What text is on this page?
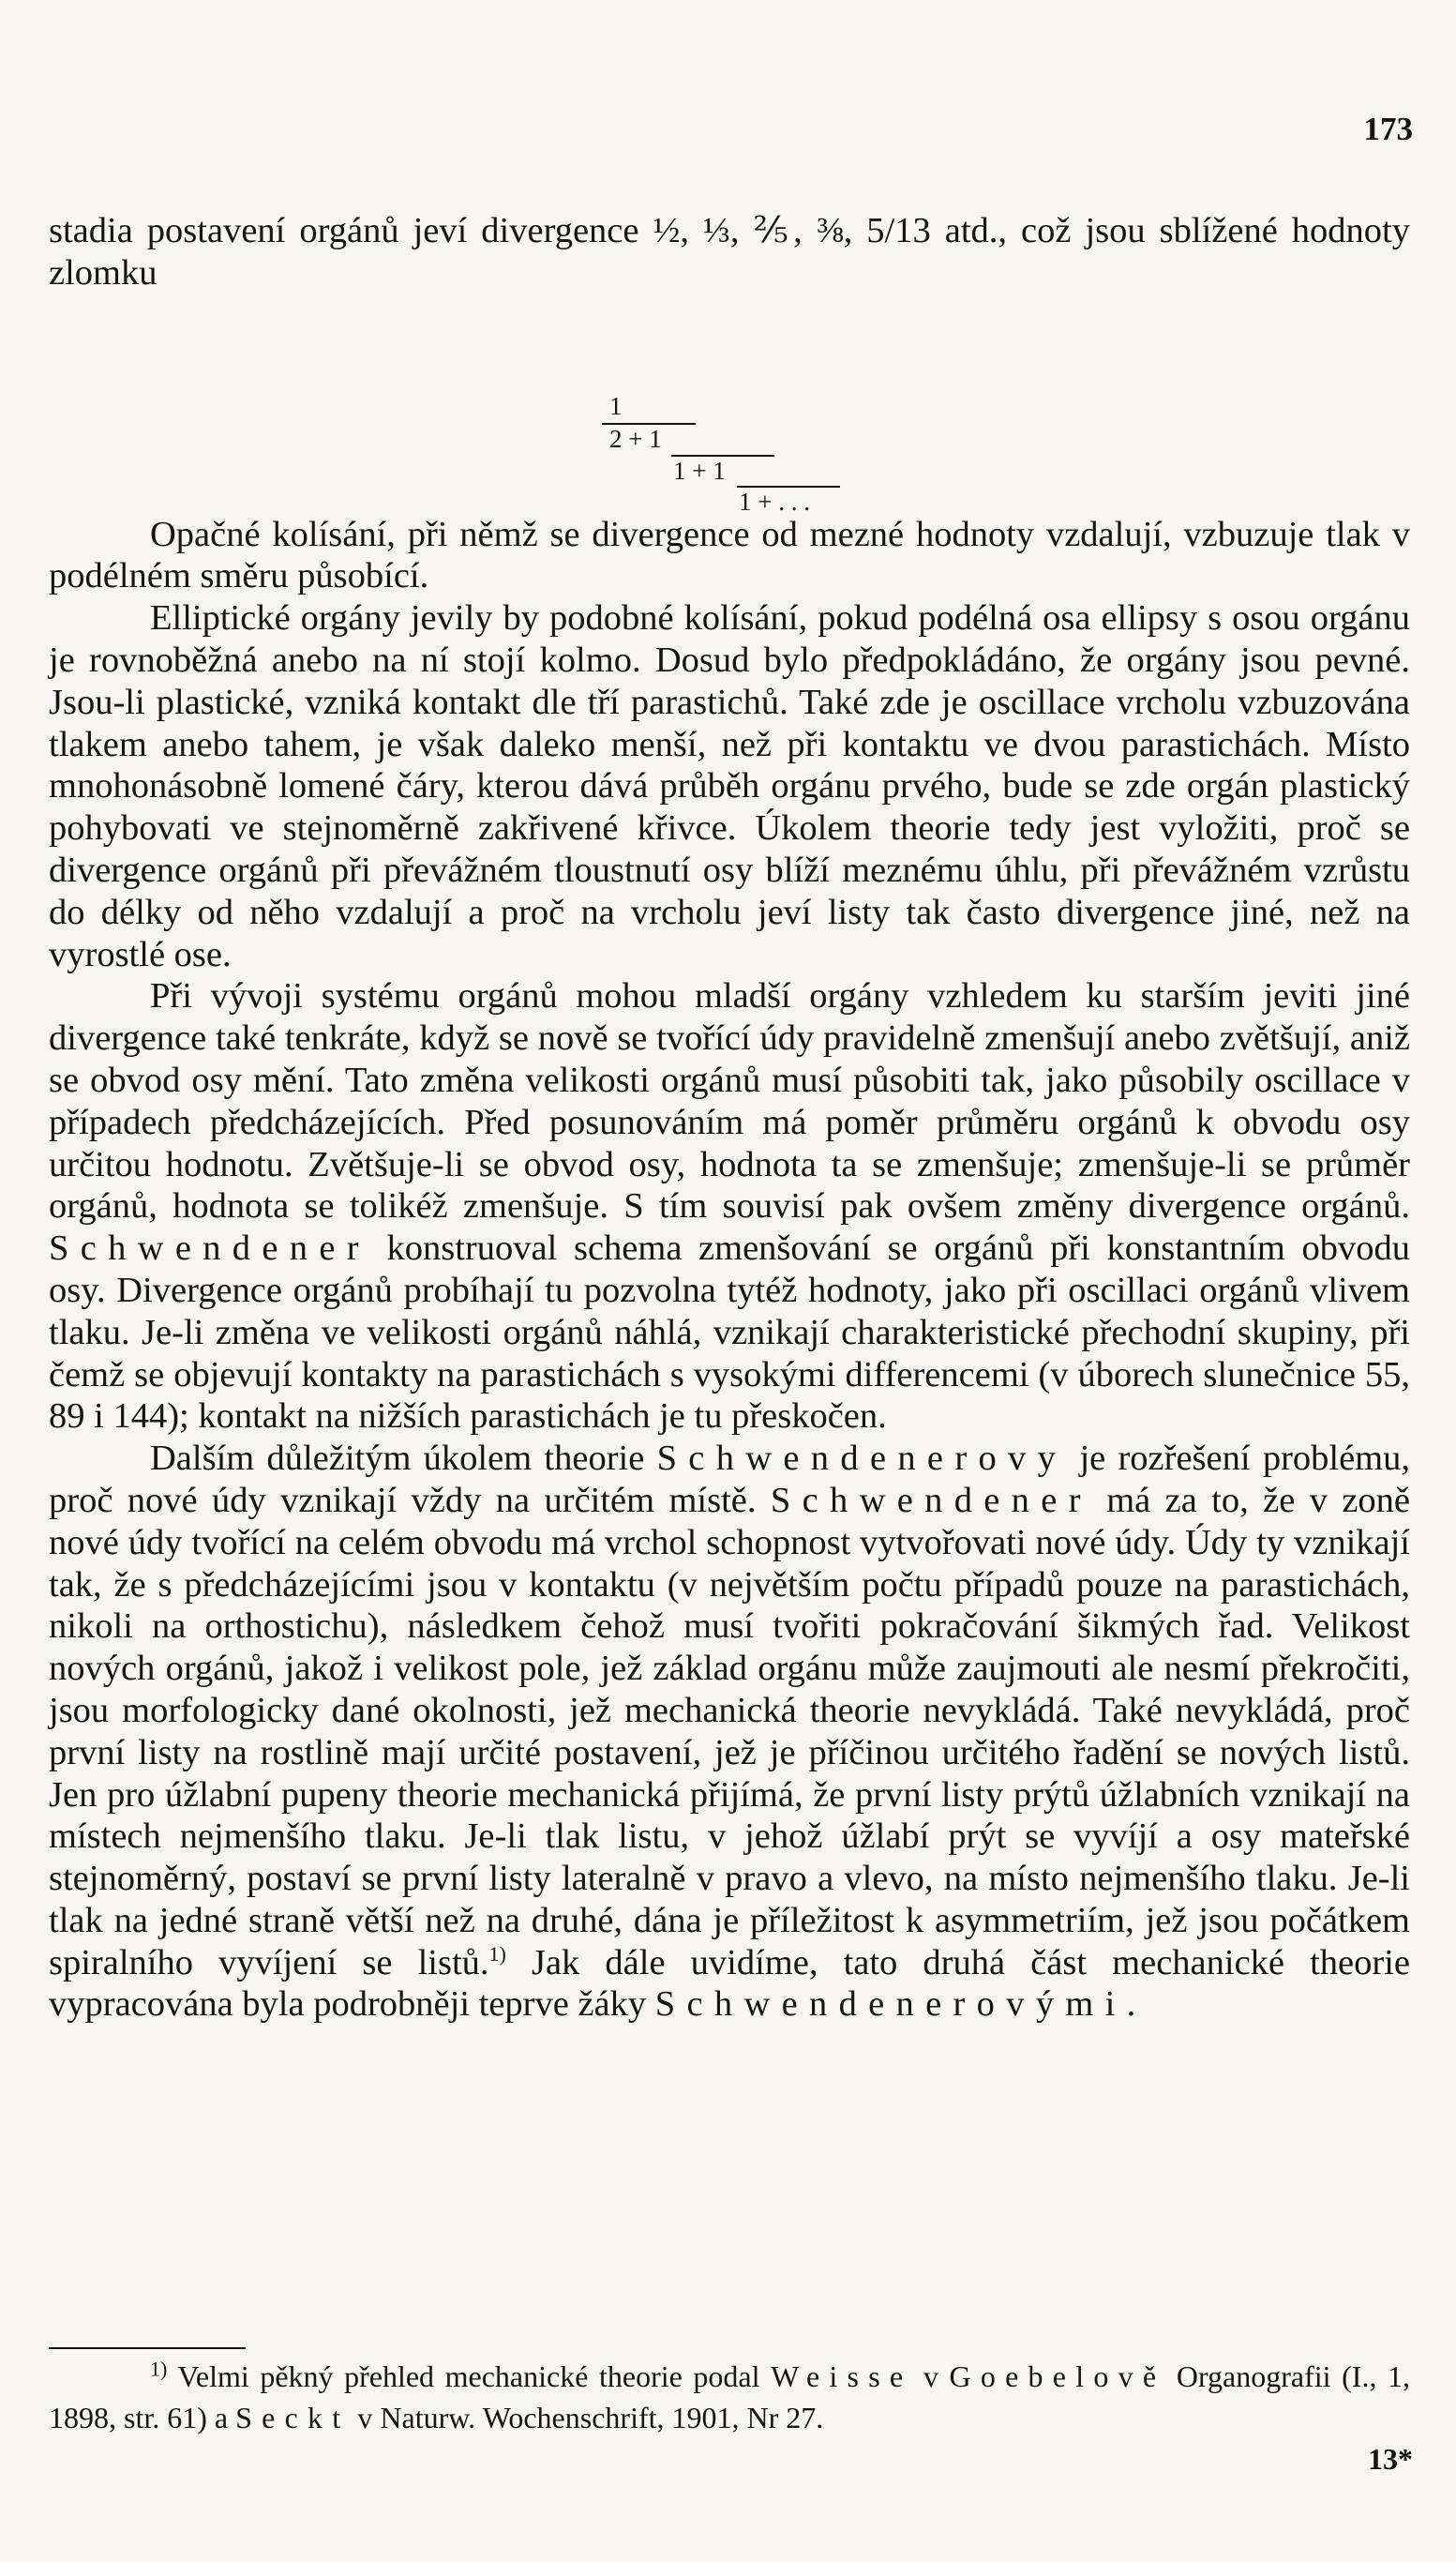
173

stadia postavení orgánů jeví divergence ½, ⅓, ⅖, ⅜, 5/13 atd., což jsou sblížené hodnoty zlomku

1
2 + 1
1 + 1
1 + . . .

Opačné kolísání, při němž se divergence od mezné hodnoty vzdalují, vzbuzuje tlak v podélném směru působící.

Elliptické orgány jevily by podobné kolísání, pokud podélná osa ellipsy s osou orgánu je rovnoběžná anebo na ní stojí kolmo. Dosud bylo předpokládáno, že orgány jsou pevné. Jsou-li plastické, vzniká kontakt dle tří parastichů. Také zde je oscillace vrcholu vzbuzována tlakem anebo tahem, je však daleko menší, než při kontaktu ve dvou parastichách. Místo mnohonásobně lomené čáry, kterou dává průběh orgánu prvého, bude se zde orgán plastický pohybovati ve stejnoměrně zakřivené křivce. Úkolem theorie tedy jest vyložiti, proč se divergence orgánů při převážném tloustnutí osy blíží meznému úhlu, při převážném vzrůstu do délky od něho vzdalují a proč na vrcholu jeví listy tak často divergence jiné, než na vyrostlé ose.

Při vývoji systému orgánů mohou mladší orgány vzhledem ku starším jeviti jiné divergence také tenkráte, když se nově se tvořící údy pravidelně zmenšují anebo zvětšují, aniž se obvod osy mění. Tato změna velikosti orgánů musí působiti tak, jako působily oscillace v případech předcházejících. Před posunováním má poměr průměru orgánů k obvodu osy určitou hodnotu. Zvětšuje-li se obvod osy, hodnota ta se zmenšuje; zmenšuje-li se průměr orgánů, hodnota se tolikéž zmenšuje. S tím souvisí pak ovšem změny divergence orgánů. Schwendener konstruoval schema zmenšování se orgánů při konstantním obvodu osy. Divergence orgánů probíhají tu pozvolna tytéž hodnoty, jako při oscillaci orgánů vlivem tlaku. Je-li změna ve velikosti orgánů náhlá, vznikají charakteristické přechodní skupiny, při čemž se objevují kontakty na parastichách s vysokými differencemi (v úborech slunečnice 55, 89 i 144); kontakt na nižších parastichách je tu přeskočen.

Dalším důležitým úkolem theorie Schwendenerovy je rozřešení problému, proč nové údy vznikají vždy na určitém místě. Schwendener má za to, že v zoně nové údy tvořící na celém obvodu má vrchol schopnost vytvořovati nové údy. Údy ty vznikají tak, že s předcházejícími jsou v kontaktu (v největším počtu případů pouze na parastichách, nikoli na orthostichu), následkem čehož musí tvořiti pokračování šikmých řad. Velikost nových orgánů, jakož i velikost pole, jež základ orgánu může zaujmouti ale nesmí překročiti, jsou morfologicky dané okolnosti, jež mechanická theorie nevykládá. Také nevykládá, proč první listy na rostlině mají určité postavení, jež je příčinou určitého řadění se nových listů. Jen pro úžlabní pupeny theorie mechanická přijímá, že první listy prýtů úžlabních vznikají na místech nejmenšího tlaku. Je-li tlak listu, v jehož úžlabí prýt se vyvíjí a osy mateřské stejnoměrný, postaví se první listy lateralně v pravo a vlevo, na místo nejmenšího tlaku. Je-li tlak na jedné straně větší než na druhé, dána je příležitost k asymmetriím, jež jsou počátkem spiralního vyvíjení se listů.$^{1)}$ Jak dále uvidíme, tato druhá část mechanické theorie vypracována byla podrobněji teprve žáky Schwendenerovými.

$^{1)}$ Velmi pěkný přehled mechanické theorie podal Weisse v Goebelově Organografii (I., 1, 1898, str. 61) a Seckt v Naturw. Wochenschrift, 1901, Nr 27.

13*
